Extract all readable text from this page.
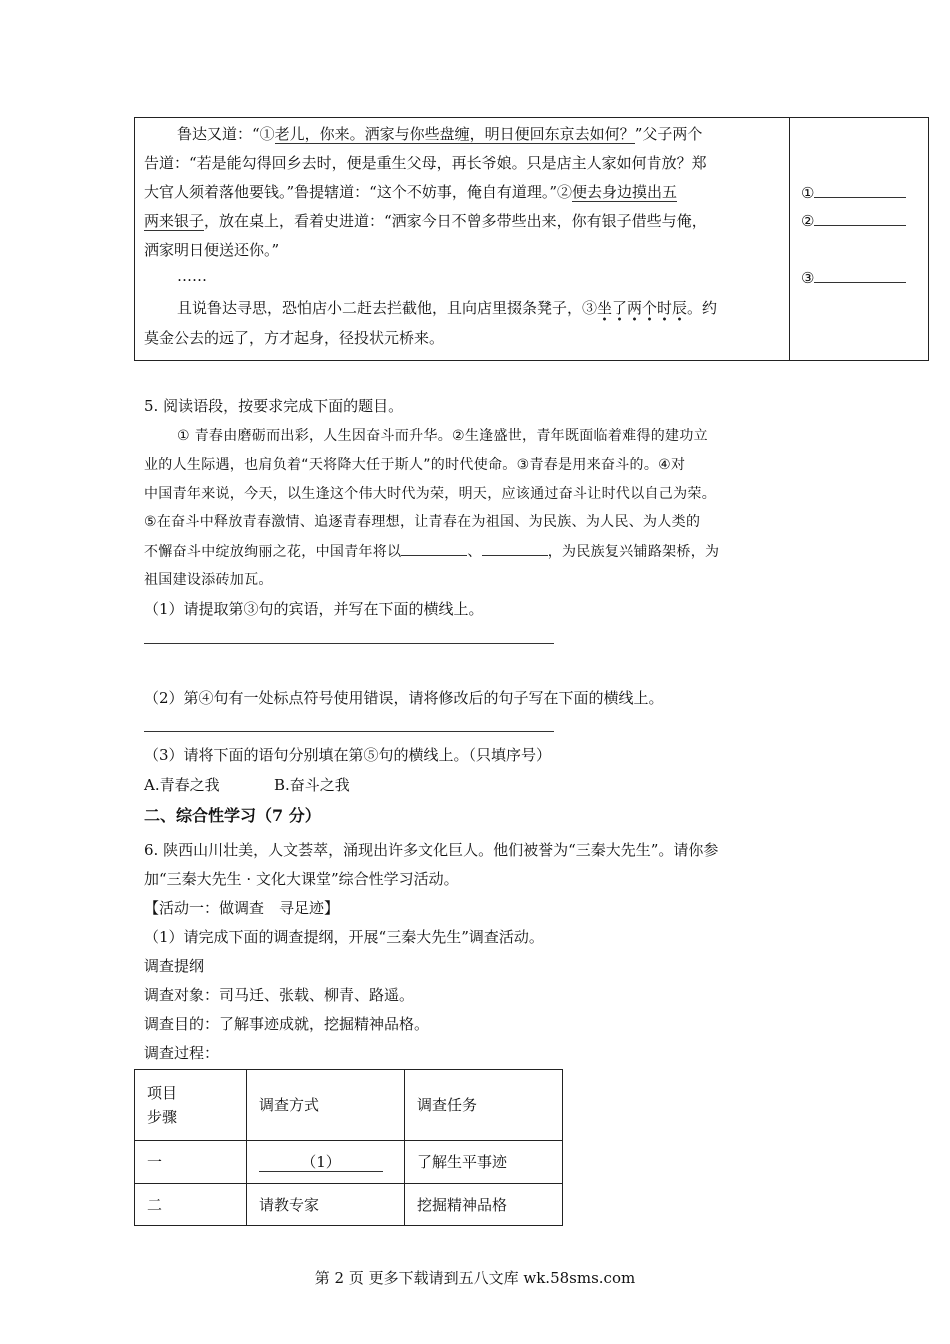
鲁达又道：“①老儿，你来。洒家与你些盘缠，明日便回东京去如何？”父子两个
告道：“若是能勾得回乡去时，便是重生父母，再长爷娘。只是店主人家如何肯放？郑
大官人须着落他要钱。”鲁提辖道：“这个不妨事，俺自有道理。”②便去身边摸出五
两来银子，放在桌上，看着史进道：“洒家今日不曾多带些出来，你有银子借些与俺，
洒家明日便送还你。”
……
且说鲁达寻思，恐怕店小二赶去拦截他，且向店里掇条凳子，③坐了两个时辰。约
莫金公去的远了，方才起身，径投状元桥来。
①
②
③
5. 阅读语段，按要求完成下面的题目。
① 青春由磨砺而出彩，人生因奋斗而升华。②生逢盛世，青年既面临着难得的建功立
业的人生际遇，也肩负着“天将降大任于斯人”的时代使命。③青春是用来奋斗的。④对
中国青年来说，今天，以生逢这个伟大时代为荣，明天，应该通过奋斗让时代以自己为荣。
⑤在奋斗中释放青春激情、追逐青春理想，让青春在为祖国、为民族、为人民、为人类的
不懈奋斗中绽放绚丽之花，中国青年将以	、	，为民族复兴铺路架桥，为
祖国建设添砖加瓦。
（1）请提取第③句的宾语，并写在下面的横线上。
（2）第④句有一处标点符号使用错误，请将修改后的句子写在下面的横线上。
（3）请将下面的语句分别填在第⑤句的横线上。（只填序号）
A.青春之我	B.奋斗之我
二、综合性学习（7 分）
6. 陕西山川壮美，人文荟萃，涌现出许多文化巨人。他们被誉为“三秦大先生”。请你参
加“三秦大先生 · 文化大课堂”综合性学习活动。
【活动一：做调查　寻足迹】
（1）请完成下面的调查提纲，开展“三秦大先生”调查活动。
调查提纲
调查对象：司马迁、张载、柳青、路遥。
调查目的：了解事迹成就，挖掘精神品格。
调查过程：
项目
步骤	调查方式	调查任务
一	（1）	了解生平事迹
二	请教专家	挖掘精神品格
第 2 页 更多下载请到五八文库 wk.58sms.com
